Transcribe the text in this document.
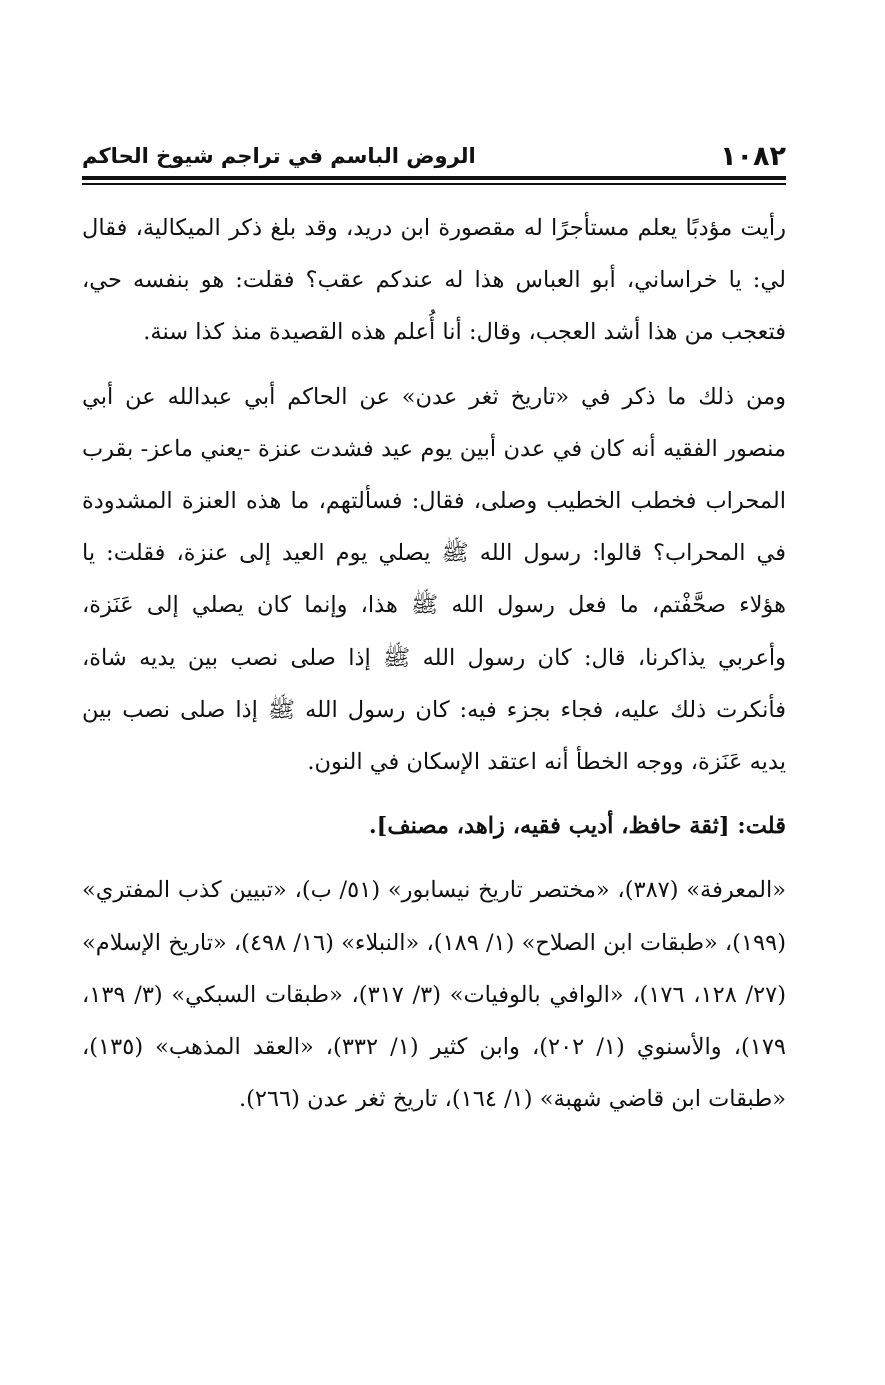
١٠٨٢
الروض الباسم في تراجم شيوخ الحاكم

رأيت مؤدبًا يعلم مستأجرًا له مقصورة ابن دريد، وقد بلغ ذكر الميكالية، فقال لي: يا خراساني، أبو العباس هذا له عندكم عقب؟ فقلت: هو بنفسه حي، فتعجب من هذا أشد العجب، وقال: أنا أُعلم هذه القصيدة منذ كذا سنة.

ومن ذلك ما ذكر في «تاريخ ثغر عدن» عن الحاكم أبي عبدالله عن أبي منصور الفقيه أنه كان في عدن أبين يوم عيد فشدت عنزة -يعني ماعز- بقرب المحراب فخطب الخطيب وصلى، فقال: فسألتهم، ما هذه العنزة المشدودة في المحراب؟ قالوا: رسول الله ﷺ يصلي يوم العيد إلى عنزة، فقلت: يا هؤلاء صحَّفْتم، ما فعل رسول الله ﷺ هذا، وإنما كان يصلي إلى عَنَزة، وأعربي يذاكرنا، قال: كان رسول الله ﷺ إذا صلى نصب بين يديه شاة، فأنكرت ذلك عليه، فجاء بجزء فيه: كان رسول الله ﷺ إذا صلى نصب بين يديه عَنَزة، ووجه الخطأ أنه اعتقد الإسكان في النون.

قلت: [ثقة حافظ، أديب فقيه، زاهد، مصنف].

«المعرفة» (٣٨٧)، «مختصر تاريخ نيسابور» (٥١/ ب)، «تبيين كذب المفتري» (١٩٩)، «طبقات ابن الصلاح» (١/ ١٨٩)، «النبلاء» (١٦/ ٤٩٨)، «تاريخ الإسلام» (٢٧/ ١٢٨، ١٧٦)، «الوافي بالوفيات» (٣/ ٣١٧)، «طبقات السبكي» (٣/ ١٣٩، ١٧٩)، والأسنوي (١/ ٢٠٢)، وابن كثير (١/ ٣٣٢)، «العقد المذهب» (١٣٥)، «طبقات ابن قاضي شهبة» (١/ ١٦٤)، تاريخ ثغر عدن (٢٦٦).
